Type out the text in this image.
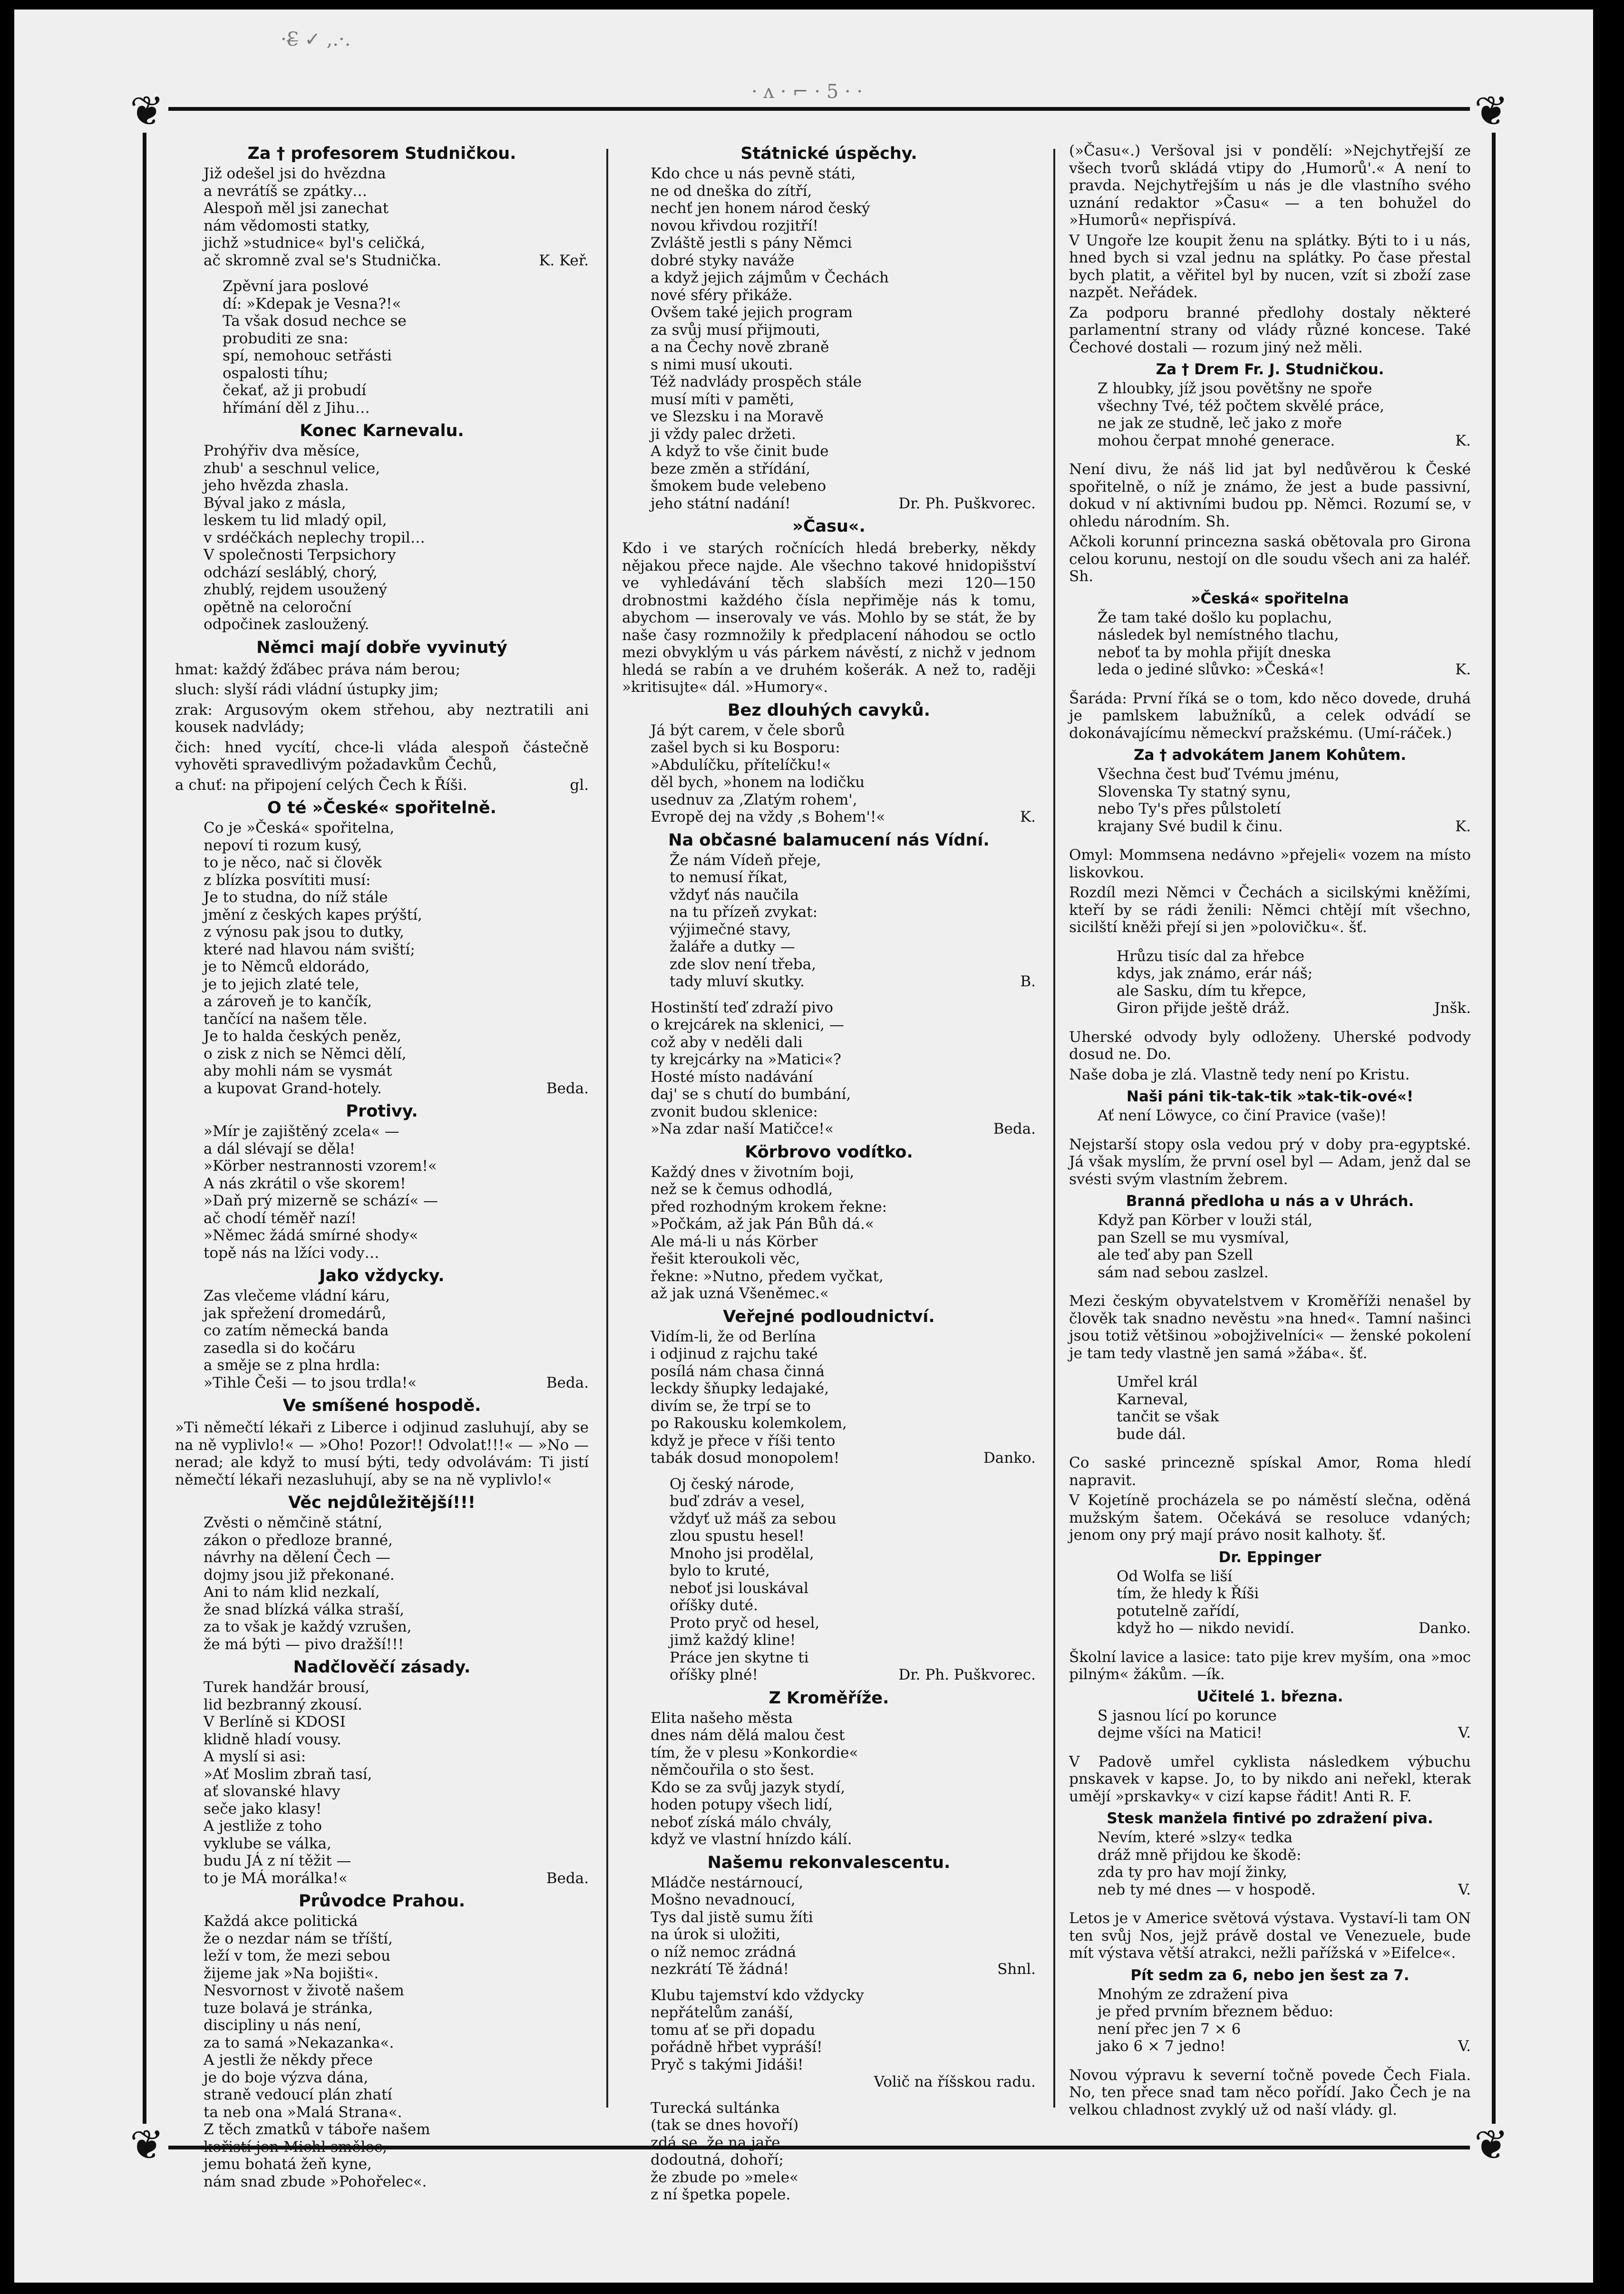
·Ɛ̶ ✓ ,.·.
· ʌ · ⌐ · 5 · ·
❦	❦
❦	❦
Za † profesorem Studničkou.
Již odešel jsi do hvězdna
a nevrátíš se zpátky…
Alespoň měl jsi zanechat
nám vědomosti statky,
jichž »studnice« byl's celičká,
ač skromně zval se's Studnička.	K. Keř.
Zpěvní jara poslové
dí: »Kdepak je Vesna?!«
Ta však dosud nechce se
probuditi ze sna:
spí, nemohouc setřásti
ospalosti tíhu;
čekať, až ji probudí
hřímání děl z Jihu…
Konec Karnevalu.
Prohýřiv dva měsíce,
zhub' a seschnul velice,
jeho hvězda zhasla.
Býval jako z másla,
leskem tu lid mladý opil,
v srdéčkách neplechy tropil…
V společnosti Terpsichory
odchází sesláblý, chorý,
zhublý, rejdem usoužený
opětně na celoroční
odpočinek zasloužený.
Němci mají dobře vyvinutý
hmat: každý žďábec práva nám berou;
sluch: slyší rádi vládní ústupky jim;
zrak: Argusovým okem střehou, aby neztratili ani kousek nadvlády;
čich: hned vycítí, chce-li vláda alespoň částečně vyhověti spravedlivým požadavkům Čechů,
a chuť: na připojení celých Čech k Říši.	gl.
O té »České« spořitelně.
Co je »Česká« spořitelna,
nepoví ti rozum kusý,
to je něco, nač si člověk
z blízka posvítiti musí:
Je to studna, do níž stále
jmění z českých kapes prýští,
z výnosu pak jsou to dutky,
které nad hlavou nám sviští;
je to Němců eldorádo,
je to jejich zlaté tele,
a zároveň je to kančík,
tančící na našem těle.
Je to halda českých peněz,
o zisk z nich se Němci dělí,
aby mohli nám se vysmát
a kupovat Grand-hotely.	Beda.
Protivy.
»Mír je zajištěný zcela« —
a dál slévají se děla!
»Körber nestrannosti vzorem!«
A nás zkrátil o vše skorem!
»Daň prý mizerně se schází« —
ač chodí téměř nazí!
»Němec žádá smírné shody«
topě nás na lžíci vody…
Jako vždycky.
Zas vlečeme vládní káru,
jak spřežení dromedárů,
co zatím německá banda
zasedla si do kočáru
a směje se z plna hrdla:
»Tihle Češi — to jsou trdla!«	Beda.
Ve smíšené hospodě.
»Ti němečtí lékaři z Liberce i odjinud zasluhují, aby se na ně vyplivlo!« — »Oho! Pozor!! Odvolat!!!« — »No — nerad; ale když to musí býti, tedy odvolávám: Ti jistí němečtí lékaři nezasluhují, aby se na ně vyplivlo!«
Věc nejdůležitější!!!
Zvěsti o němčině státní,
zákon o předloze branné,
návrhy na dělení Čech —
dojmy jsou již překonané.
Ani to nám klid nezkalí,
že snad blízká válka straší,
za to však je každý vzrušen,
že má býti — pivo dražší!!!
Nadčlověčí zásady.
Turek handžár brousí,
lid bezbranný zkousí.
V Berlíně si KDOSI
klidně hladí vousy.
A myslí si asi:
»Ať Moslim zbraň tasí,
ať slovanské hlavy
seče jako klasy!
A jestliže z toho
vyklube se válka,
budu JÁ z ní těžit —
to je MÁ morálka!«	Beda.
Průvodce Prahou.
Každá akce politická
že o nezdar nám se tříští,
leží v tom, že mezi sebou
žijeme jak »Na bojišti«.
Nesvornost v životě našem
tuze bolavá je stránka,
discipliny u nás není,
za to samá »Nekazanka«.
A jestli že někdy přece
je do boje výzva dána,
straně vedoucí plán zhatí
ta neb ona »Malá Strana«.
Z těch zmatků v táboře našem
kořistí jen Michl smělec,
jemu bohatá žeň kyne,
nám snad zbude »Pohořelec«.
Státnické úspěchy.
Kdo chce u nás pevně státi,
ne od dneška do zítří,
nechť jen honem národ český
novou křivdou rozjitří!
Zvláště jestli s pány Němci
dobré styky naváže
a když jejich zájmům v Čechách
nové sféry přikáže.
Ovšem také jejich program
za svůj musí přijmouti,
a na Čechy nově zbraně
s nimi musí ukouti.
Též nadvlády prospěch stále
musí míti v paměti,
ve Slezsku i na Moravě
ji vždy palec držeti.
A když to vše činit bude
beze změn a střídání,
šmokem bude velebeno
jeho státní nadání!	Dr. Ph. Puškvorec.
»Času«.
Kdo i ve starých ročnících hledá breberky, někdy nějakou přece najde. Ale všechno takové hnidopišství ve vyhledávání těch slabších mezi 120—150 drobnostmi každého čísla nepřiměje nás k tomu, abychom — inserovaly ve vás. Mohlo by se stát, že by naše časy rozmnožily k předplacení náhodou se octlo mezi obvyklým u vás párkem návěstí, z nichž v jednom hledá se rabín a ve druhém košerák. A než to, raději »kritisujte« dál. »Humory«.
Bez dlouhých cavyků.
Já být carem, v čele sborů
zašel bych si ku Bosporu:
»Abdulíčku, přítelíčku!«
děl bych, »honem na lodičku
usednuv za ,Zlatým rohem',
Evropě dej na vždy ,s Bohem'!«	K.
Na občasné balamucení nás Vídní.
Že nám Vídeň přeje,
to nemusí říkat,
vždyť nás naučila
na tu přízeň zvykat:
výjimečné stavy,
žaláře a dutky —
zde slov není třeba,
tady mluví skutky.	B.
Hostinští teď zdraží pivo
o krejcárek na sklenici, —
což aby v neděli dali
ty krejcárky na »Matici«?
Hosté místo nadávání
daj' se s chutí do bumbání,
zvonit budou sklenice:
»Na zdar naší Matičce!«	Beda.
Körbrovo vodítko.
Každý dnes v životním boji,
než se k čemus odhodlá,
před rozhodným krokem řekne:
»Počkám, až jak Pán Bůh dá.«
Ale má-li u nás Körber
řešit kteroukoli věc,
řekne: »Nutno, předem vyčkat,
až jak uzná Všeněmec.«
Veřejné podloudnictví.
Vidím-li, že od Berlína
i odjinud z rajchu také
posílá nám chasa činná
leckdy šňupky ledajaké,
divím se, že trpí se to
po Rakousku kolemkolem,
když je přece v říši tento
tabák dosud monopolem!	Danko.
Oj český národe,
buď zdráv a vesel,
vždyť už máš za sebou
zlou spustu hesel!
Mnoho jsi prodělal,
bylo to kruté,
neboť jsi louskával
oříšky duté.
Proto pryč od hesel,
jimž každý kline!
Práce jen skytne ti
oříšky plné!	Dr. Ph. Puškvorec.
Z Kroměříže.
Elita našeho města
dnes nám dělá malou čest
tím, že v plesu »Konkordie«
němčouřila o sto šest.
Kdo se za svůj jazyk stydí,
hoden potupy všech lidí,
neboť získá málo chvály,
když ve vlastní hnízdo kálí.
Našemu rekonvalescentu.
Mládče nestárnoucí,
Mošno nevadnoucí,
Tys dal jistě sumu žíti
na úrok si uložiti,
o níž nemoc zrádná
nezkrátí Tě žádná!	Shnl.
Klubu tajemství kdo vždycky
nepřátelům zanáší,
tomu ať se při dopadu
pořádně hřbet vypráší!
Pryč s takými Jidáši!
Volič na říšskou radu.
Turecká sultánka
(tak se dnes hovoří)
zdá se, že na jaře
dodoutná, dohoří;
že zbude po »mele«
z ní špetka popele.
(»Času«.) Veršoval jsi v pondělí: »Nejchytřejší ze všech tvorů skládá vtipy do ,Humorů'.« A není to pravda. Nejchytřejším u nás je dle vlastního svého uznání redaktor »Času« — a ten bohužel do »Humorů« nepřispívá.
V Ungoře lze koupit ženu na splátky. Býti to i u nás, hned bych si vzal jednu na splátky. Po čase přestal bych platit, a věřitel byl by nucen, vzít si zboží zase nazpět. Neřádek.
Za podporu branné předlohy dostaly některé parlamentní strany od vlády různé koncese. Také Čechové dostali — rozum jiný než měli.
Za † Drem Fr. J. Studničkou.
Z hloubky, jíž jsou povětšny ne spoře
všechny Tvé, též počtem skvělé práce,
ne jak ze studně, leč jako z moře
mohou čerpat mnohé generace.	K.
Není divu, že náš lid jat byl nedůvěrou k České spořitelně, o níž je známo, že jest a bude passivní, dokud v ní aktivními budou pp. Němci. Rozumí se, v ohledu národním. Sh.
Ačkoli korunní princezna saská obětovala pro Girona celou korunu, nestojí on dle soudu všech ani za haléř. Sh.
»Česká« spořitelna
Že tam také došlo ku poplachu,
následek byl nemístného tlachu,
neboť ta by mohla přijít dneska
leda o jediné slůvko: »Česká«!	K.
Šaráda: První říká se o tom, kdo něco dovede, druhá je pamlskem labužníků, a celek odvádí se dokonávajícímu německví pražskému. (Umí-ráček.)
Za † advokátem Janem Kohůtem.
Všechna čest buď Tvému jménu,
Slovenska Ty statný synu,
nebo Ty's přes půlstoletí
krajany Své budil k činu.	K.
Omyl: Mommsena nedávno »přejeli« vozem na místo liskovkou.
Rozdíl mezi Němci v Čechách a sicilskými kněžími, kteří by se rádi ženili: Němci chtějí mít všechno, sicilští kněži přejí si jen »polovičku«. šť.
Hrůzu tisíc dal za hřebce
kdys, jak známo, erár náš;
ale Sasku, dím tu křepce,
Giron přijde ještě dráž.	Jnšk.
Uherské odvody byly odloženy. Uherské podvody dosud ne. Do.
Naše doba je zlá. Vlastně tedy není po Kristu.
Naši páni tik-tak-tik »tak-tik-ové«!
Ať není Löwyce, co činí Pravice (vaše)!
Nejstarší stopy osla vedou prý v doby pra-egyptské. Já však myslím, že první osel byl — Adam, jenž dal se svésti svým vlastním žebrem.
Branná předloha u nás a v Uhrách.
Když pan Körber v louži stál,
pan Szell se mu vysmíval,
ale teď aby pan Szell
sám nad sebou zaslzel.
Mezi českým obyvatelstvem v Kroměříži nenašel by člověk tak snadno nevěstu »na hned«. Tamní našinci jsou totiž většinou »obojživelníci« — ženské pokolení je tam tedy vlastně jen samá »žába«. šť.
Umřel král
Karneval,
tančit se však
bude dál.
Co saské princezně spískal Amor, Roma hledí napravit.
V Kojetíně procházela se po náměstí slečna, oděná mužským šatem. Očekává se resoluce vdaných; jenom ony prý mají právo nosit kalhoty. šť.
Dr. Eppinger
Od Wolfa se liší
tím, že hledy k Říši
potutelně zařídí,
když ho — nikdo nevidí.	Danko.
Školní lavice a lasice: tato pije krev myším, ona »moc pilným« žákům. —ík.
Učitelé 1. března.
S jasnou lící po korunce
dejme všíci na Matici!	V.
V Padově umřel cyklista následkem výbuchu pnskavek v kapse. Jo, to by nikdo ani neřekl, kterak umějí »prskavky« v cizí kapse řádit! Anti R. F.
Stesk manžela fintivé po zdražení piva.
Nevím, které »slzy« tedka
dráž mně přijdou ke škodě:
zda ty pro hav mojí žinky,
neb ty mé dnes — v hospodě.	V.
Letos je v Americe světová výstava. Vystaví-li tam ON ten svůj Nos, jejž právě dostal ve Venezuele, bude mít výstava větší atrakci, nežli pařížská v »Eifelce«.
Pít sedm za 6, nebo jen šest za 7.
Mnohým ze zdražení piva
je před prvním březnem běduo:
není přec jen 7 × 6
jako 6 × 7 jedno!	V.
Novou výpravu k severní točně povede Čech Fiala. No, ten přece snad tam něco pořídí. Jako Čech je na velkou chladnost zvyklý už od naší vlády. gl.
